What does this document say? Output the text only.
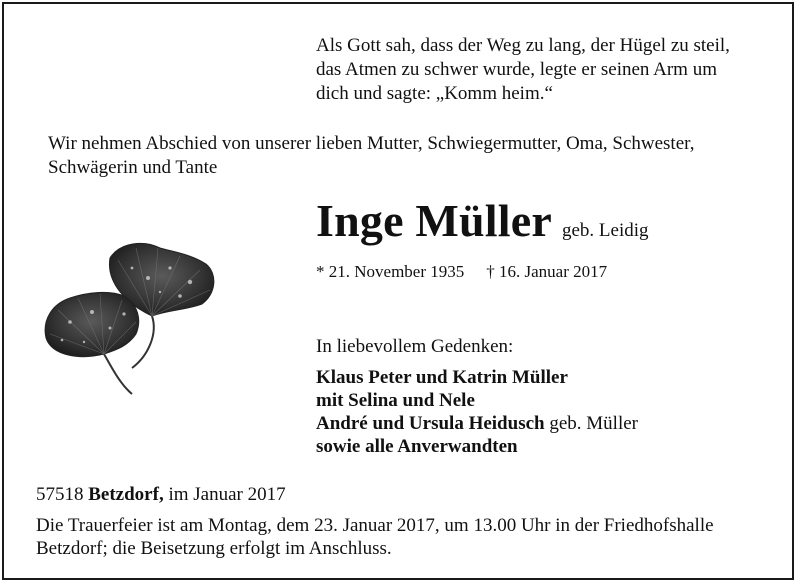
Als Gott sah, dass der Weg zu lang, der Hügel zu steil,
das Atmen zu schwer wurde, legte er seinen Arm um
dich und sagte: „Komm heim.“
Wir nehmen Abschied von unserer lieben Mutter, Schwiegermutter, Oma, Schwester,
Schwägerin und Tante
Inge Müller geb. Leidig
* 21. November 1935 † 16. Januar 2017
In liebevollem Gedenken:
Klaus Peter und Katrin Müller
mit Selina und Nele
André und Ursula Heidusch geb. Müller
sowie alle Anverwandten
57518 Betzdorf, im Januar 2017
Die Trauerfeier ist am Montag, dem 23. Januar 2017, um 13.00 Uhr in der Friedhofshalle
Betzdorf; die Beisetzung erfolgt im Anschluss.
